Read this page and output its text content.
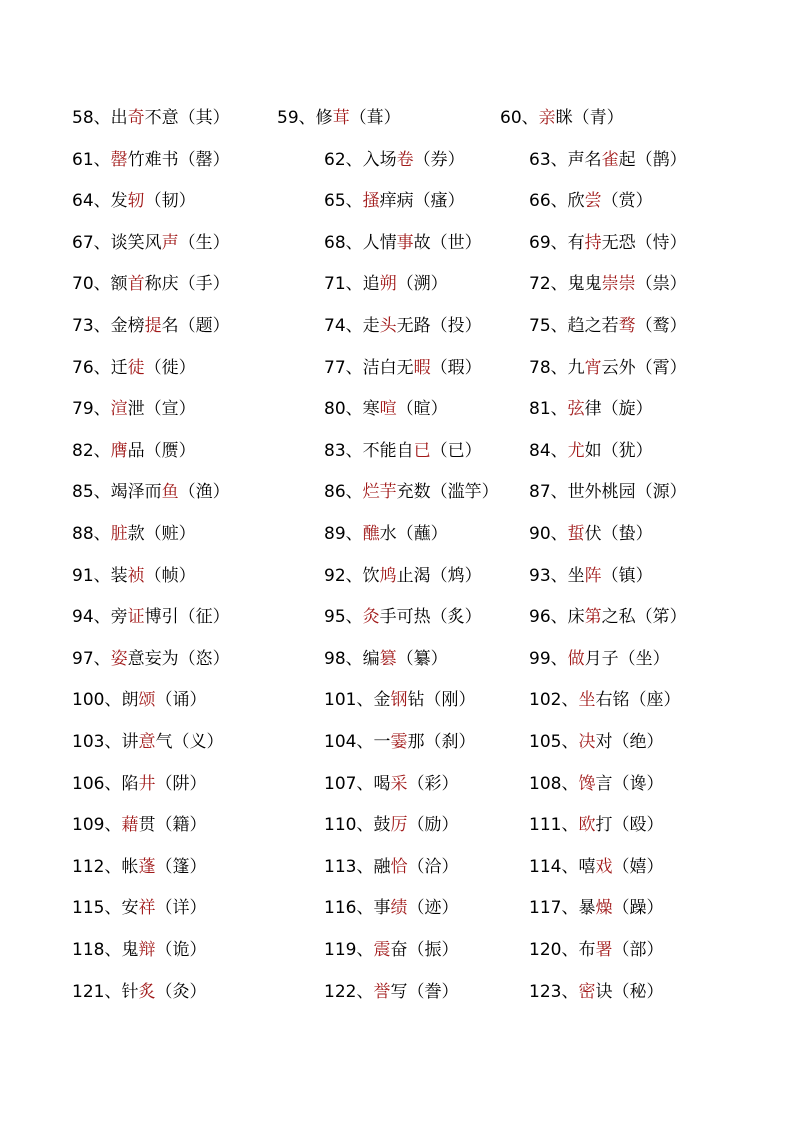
58、出奇不意（其）	59、修茸（葺）	60、亲眯（青）
61、罄竹难书（罄）	62、入场卷（券）	63、声名雀起（鹊）
64、发轫（韧）	65、搔痒病（瘙）	66、欣尝（赏）
67、谈笑风声（生）	68、人情事故（世）	69、有持无恐（恃）
70、额首称庆（手）	71、追朔（溯）	72、鬼鬼崇崇（祟）
73、金榜提名（题）	74、走头无路（投）	75、趋之若骛（鹜）
76、迁徒（徙）	77、洁白无暇（瑕）	78、九宵云外（霄）
79、渲泄（宣）	80、寒喧（暄）	81、弦律（旋）
82、膺品（赝）	83、不能自已（已）	84、尤如（犹）
85、竭泽而鱼（渔）	86、烂芋充数（滥竽） 87、世外桃园（源）
88、脏款（赃）	89、醮水（蘸）	90、蜇伏（蛰）
91、装祯（帧）	92、饮鸠止渴（鸩）	93、坐阵（镇）
94、旁证博引（征）	95、灸手可热（炙）	96、床第之私（笫）
97、姿意妄为（恣）	98、编篡（纂）	99、做月子（坐）
100、朗颂（诵）	101、金钢钻（刚）	102、坐右铭（座）
103、讲意气（义）	104、一霎那（刹）	105、决对（绝）
106、陷井（阱）	107、喝采（彩）	108、馋言（谗）
109、藉贯（籍）	110、鼓厉（励）	111、欧打（殴）
112、帐蓬（篷）	113、融恰（洽）	114、嘻戏（嬉）
115、安祥（详）	116、事绩（迹）	117、暴燥（躁）
118、鬼辩（诡）	119、震奋（振）	120、布署（部）
121、针炙（灸）	122、誉写（誊）	123、密诀（秘）
